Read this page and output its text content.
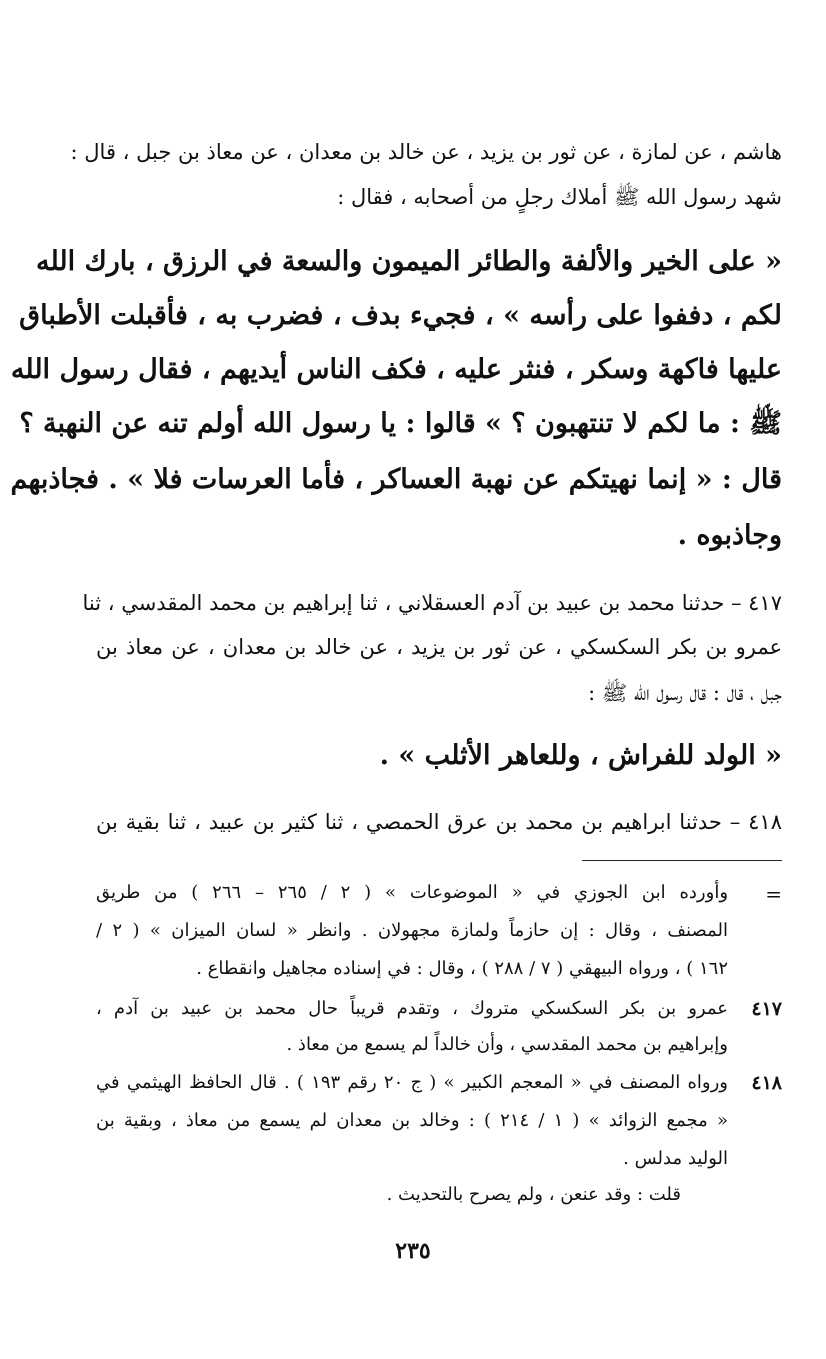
هاشم ، عن لمازة ، عن ثور بن يزيد ، عن خالد بن معدان ، عن معاذ بن جبل ، قال :
شهد رسول الله ﷺ أملاك رجلٍ من أصحابه ، فقال :
« على الخير والألفة والطائر الميمون والسعة في الرزق ، بارك الله
لكم ، دففوا على رأسه » ، فجيء بدف ، فضرب به ، فأقبلت الأطباق
عليها فاكهة وسكر ، فنثر عليه ، فكف الناس أيديهم ، فقال رسول الله
ﷺ : ما لكم لا تنتهبون ؟ » قالوا : يا رسول الله أولم تنه عن النهبة ؟
قال : « إنما نهيتكم عن نهبة العساكر ، فأما العرسات فلا » . فجاذبهم
وجاذبوه .
٤١٧ – حدثنا محمد بن عبيد بن آدم العسقلاني ، ثنا إبراهيم بن محمد المقدسي ، ثنا
عمرو بن بكر السكسكي ، عن ثور بن يزيد ، عن خالد بن معدان ، عن معاذ بن
جبل ، قال : قال رسول الله ﷺ :
« الولد للفراش ، وللعاهر الأثلب » .
٤١٨ – حدثنا ابراهيم بن محمد بن عرق الحمصي ، ثنا كثير بن عبيد ، ثنا بقية بن
=
وأورده ابن الجوزي في « الموضوعات » ( ٢ / ٢٦٥ – ٢٦٦ ) من طريق
المصنف ، وقال : إن حازماً ولمازة مجهولان . وانظر « لسان الميزان » ( ٢ /
١٦٢ ) ، ورواه البيهقي ( ٧ / ٢٨٨ ) ، وقال : في إسناده مجاهيل وانقطاع .
٤١٧
عمرو بن بكر السكسكي متروك ، وتقدم قريباً حال محمد بن عبيد بن آدم ،
وإبراهيم بن محمد المقدسي ، وأن خالداً لم يسمع من معاذ .
٤١٨
ورواه المصنف في « المعجم الكبير » ( ج ٢٠ رقم ١٩٣ ) . قال الحافظ الهيثمي في
« مجمع الزوائد » ( ١ / ٢١٤ ) : وخالد بن معدان لم يسمع من معاذ ، وبقية بن
الوليد مدلس .
قلت : وقد عنعن ، ولم يصرح بالتحديث .
٢٣٥
